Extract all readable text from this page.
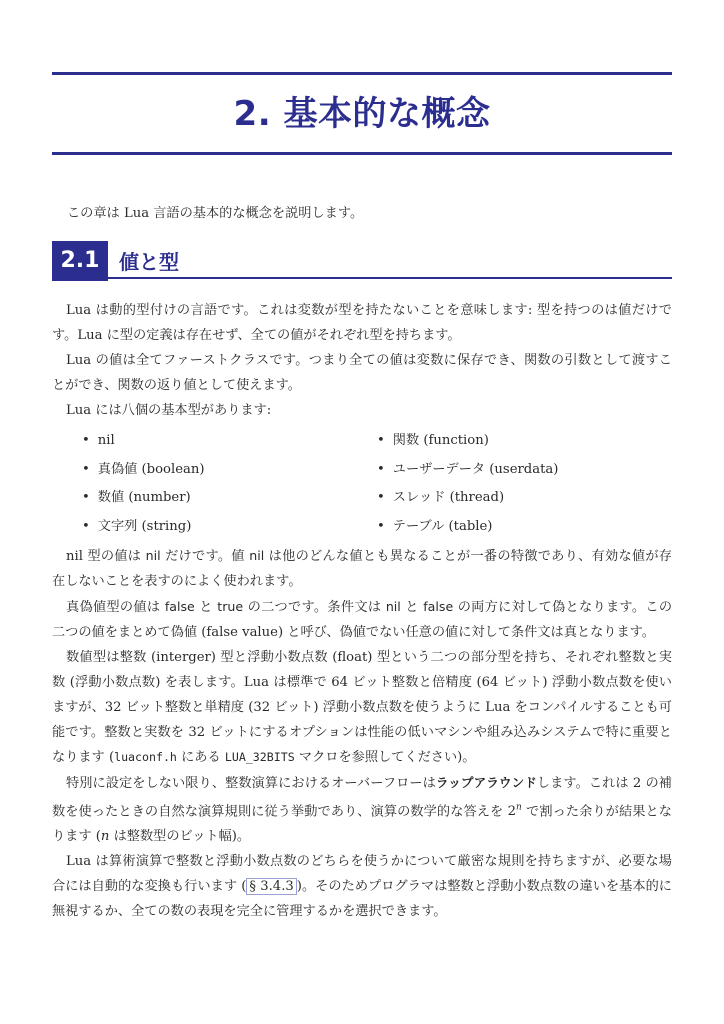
2. 基本的な概念

この章は Lua 言語の基本的な概念を説明します。

2.1 値と型

Lua は動的型付けの言語です。これは変数が型を持たないことを意味します: 型を持つのは値だけです。Lua に型の定義は存在せず、全ての値がそれぞれ型を持ちます。

Lua の値は全てファーストクラスです。つまり全ての値は変数に保存でき、関数の引数として渡すことができ、関数の返り値として使えます。

Lua には八個の基本型があります:

• nil
• 真偽値 (boolean)
• 数値 (number)
• 文字列 (string)
• 関数 (function)
• ユーザーデータ (userdata)
• スレッド (thread)
• テーブル (table)

nil 型の値は nil だけです。値 nil は他のどんな値とも異なることが一番の特徴であり、有効な値が存在しないことを表すのによく使われます。

真偽値型の値は false と true の二つです。条件文は nil と false の両方に対して偽となります。この二つの値をまとめて偽値 (false value) と呼び、偽値でない任意の値に対して条件文は真となります。

数値型は整数 (interger) 型と浮動小数点数 (float) 型という二つの部分型を持ち、それぞれ整数と実数 (浮動小数点数) を表します。Lua は標準で 64 ビット整数と倍精度 (64 ビット) 浮動小数点数を使いますが、32 ビット整数と単精度 (32 ビット) 浮動小数点数を使うように Lua をコンパイルすることも可能です。整数と実数を 32 ビットにするオプションは性能の低いマシンや組み込みシステムで特に重要となります (luaconf.h にある LUA_32BITS マクロを参照してください)。

特別に設定をしない限り、整数演算におけるオーバーフローはラップアラウンドします。これは 2 の補数を使ったときの自然な演算規則に従う挙動であり、演算の数学的な答えを 2$^n$ で割った余りが結果となります (n は整数型のビット幅)。

Lua は算術演算で整数と浮動小数点数のどちらを使うかについて厳密な規則を持ちますが、必要な場合には自動的な変換も行います ( § 3.4.3 )。そのためプログラマは整数と浮動小数点数の違いを基本的に無視するか、全ての数の表現を完全に管理するかを選択できます。
